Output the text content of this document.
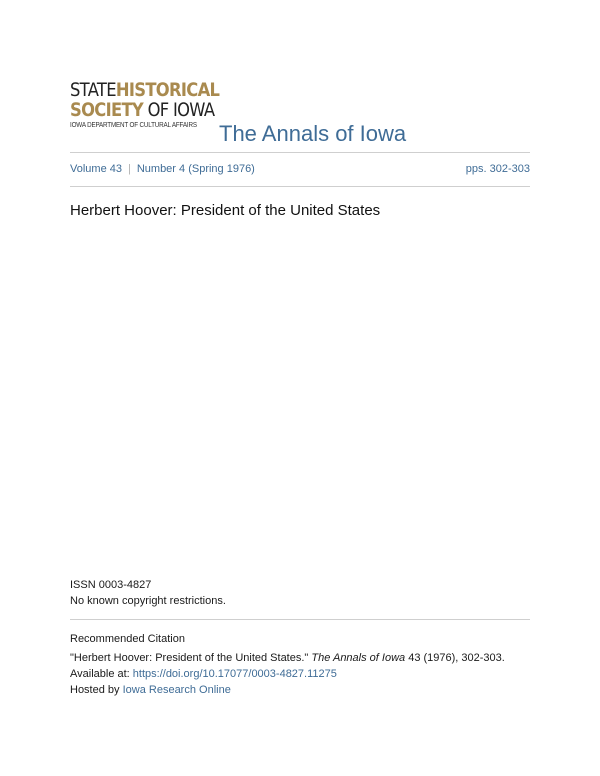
STATEHISTORICAL
SOCIETY OF IOWA
IOWA DEPARTMENT OF CULTURAL AFFAIRS The Annals of Iowa
Volume 43 | Number 4 (Spring 1976)	pps. 302-303
Herbert Hoover: President of the United States

ISSN 0003-4827

No known copyright restrictions.

Recommended Citation

"Herbert Hoover: President of the United States." The Annals of Iowa 43 (1976), 302-303.

Available at: https://doi.org/10.17077/0003-4827.11275

Hosted by Iowa Research Online
